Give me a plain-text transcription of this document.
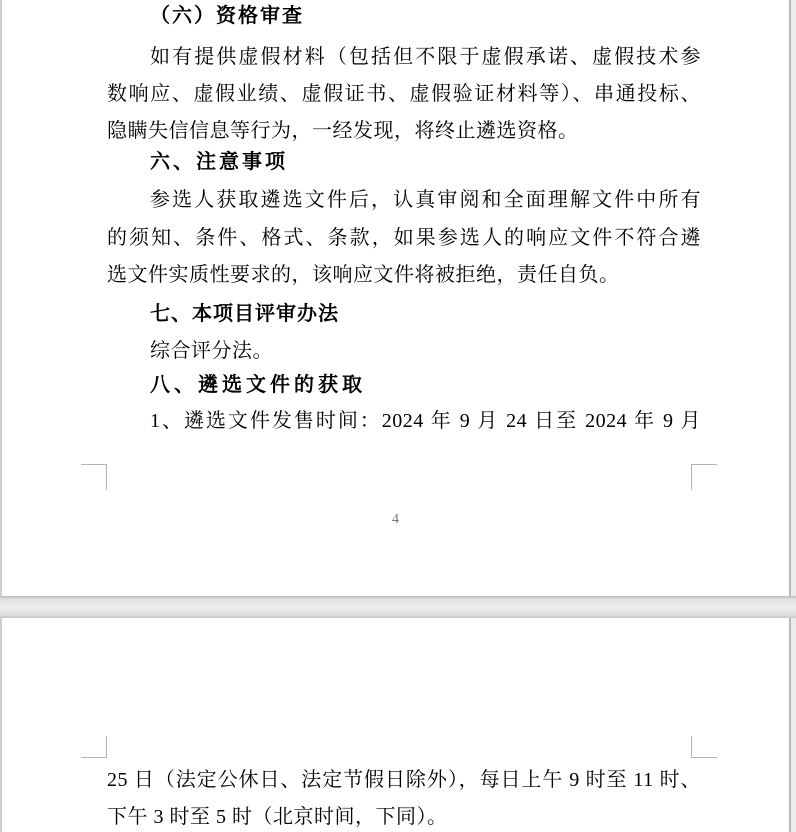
（六）资格审查
如有提供虚假材料（包括但不限于虚假承诺、虚假技术参
数响应、虚假业绩、虚假证书、虚假验证材料等）、串通投标、
隐瞒失信信息等行为，一经发现，将终止遴选资格。
六、注意事项
参选人获取遴选文件后，认真审阅和全面理解文件中所有
的须知、条件、格式、条款，如果参选人的响应文件不符合遴
选文件实质性要求的，该响应文件将被拒绝，责任自负。
七、本项目评审办法
综合评分法。
八、遴选文件的获取
1、遴选文件发售时间：2024 年 9 月 24 日至 2024 年 9 月
4
25 日（法定公休日、法定节假日除外），每日上午 9 时至 11 时、
下午 3 时至 5 时（北京时间，下同）。
